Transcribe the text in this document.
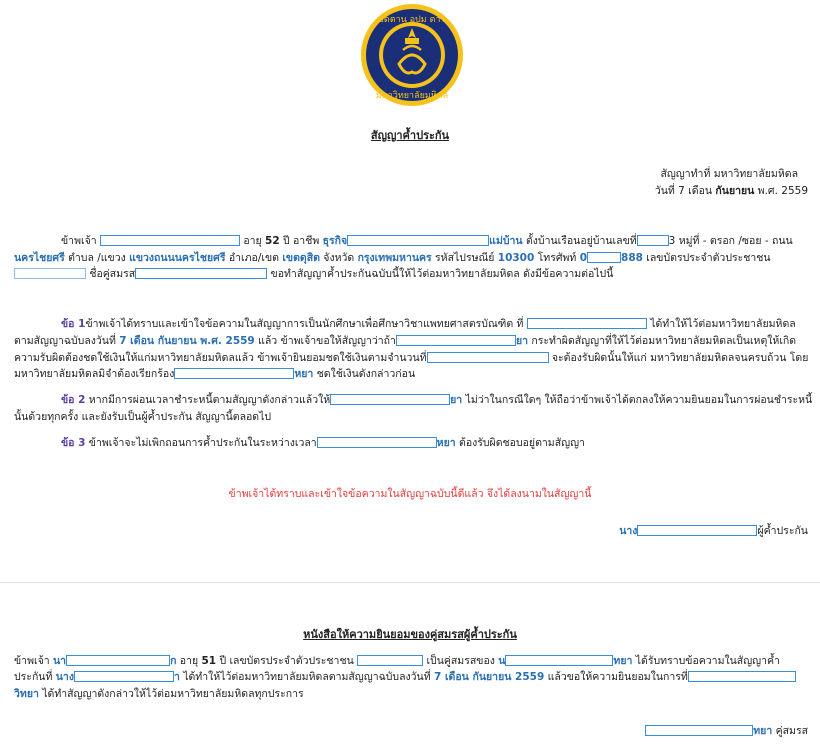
อดตาน อุปม ตาว
มหาวิทยาลัยมหิดล
สัญญาค้ำประกัน
สัญญาทำที่ มหาวิทยาลัยมหิดล
วันที่ 7 เดือน กันยายน พ.ศ. 2559
ข้าพเจ้า	อายุ 52 ปี อาชีพ ธุรกิจ	แม่บ้าน ตั้งบ้านเรือนอยู่บ้านเลขที่	3 หมู่ที่ - ตรอก /ซอย - ถนน
นครไชยศรี ตำบล /แขวง แขวงถนนนครไชยศรี อำเภอ/เขต เขตดุสิต จังหวัด กรุงเทพมหานคร รหัสไปรษณีย์ 10300 โทรศัพท์ 0	888 เลขบัตรประจำตัวประชาชน
ชื่อคู่สมรส	ขอทำสัญญาค้ำประกันฉบับนี้ให้ไว้ต่อมหาวิทยาลัยมหิดล ดังมีข้อความต่อไปนี้
ข้อ 1ข้าพเจ้าได้ทราบและเข้าใจข้อความในสัญญาการเป็นนักศึกษาเพื่อศึกษาวิชาแพทยศาสตรบัณฑิต ที่	ได้ทำให้ไว้ต่อมหาวิทยาลัยมหิดล
ตามสัญญาฉบับลงวันที่ 7 เดือน กันยายน พ.ศ. 2559 แล้ว ข้าพเจ้าขอให้สัญญาว่าถ้า	ยา กระทำผิดสัญญาที่ให้ไว้ต่อมหาวิทยาลัยมหิดลเป็นเหตุให้เกิด
ความรับผิดต้องชดใช้เงินให้แก่มหาวิทยาลัยมหิดลแล้ว ข้าพเจ้ายินยอมชดใช้เงินตามจำนวนที่	จะต้องรับผิดนั้นให้แก่ มหาวิทยาลัยมหิดลจนครบถ้วน โดย
มหาวิทยาลัยมหิดลมิจำต้องเรียกร้อง	หยา ชดใช้เงินดังกล่าวก่อน
ข้อ 2 หากมีการผ่อนเวลาชำระหนี้ตามสัญญาดังกล่าวแล้วให้	ยา ไม่ว่าในกรณีใดๆ ให้ถือว่าข้าพเจ้าได้ตกลงให้ความยินยอมในการผ่อนชำระหนี้
นั้นด้วยทุกครั้ง และยังรับเป็นผู้ค้ำประกัน สัญญานี้ตลอดไป
ข้อ 3 ข้าพเจ้าจะไม่เพิกถอนการค้ำประกันในระหว่างเวลา	หยา ต้องรับผิดชอบอยู่ตามสัญญา
ข้าพเจ้าได้ทราบและเข้าใจข้อความในสัญญาฉบับนี้ดีแล้ว จึงได้ลงนามในสัญญานี้
นาง	ผู้ค้ำประกัน
หนังสือให้ความยินยอมของคู่สมรสผู้ค้ำประกัน
ข้าพเจ้า นา	ก อายุ 51 ปี เลขบัตรประจำตัวประชาชน	เป็นคู่สมรสของ น	ทยา ได้รับทราบข้อความในสัญญาค้ำ
ประกันที่ นาง	า ได้ทำให้ไว้ต่อมหาวิทยาลัยมหิดลตามสัญญาฉบับลงวันที่ 7 เดือน กันยายน 2559 แล้วขอให้ความยินยอมในการที่
วิทยา ได้ทำสัญญาดังกล่าวให้ไว้ต่อมหาวิทยาลัยมหิดลทุกประการ
ทยา คู่สมรส
